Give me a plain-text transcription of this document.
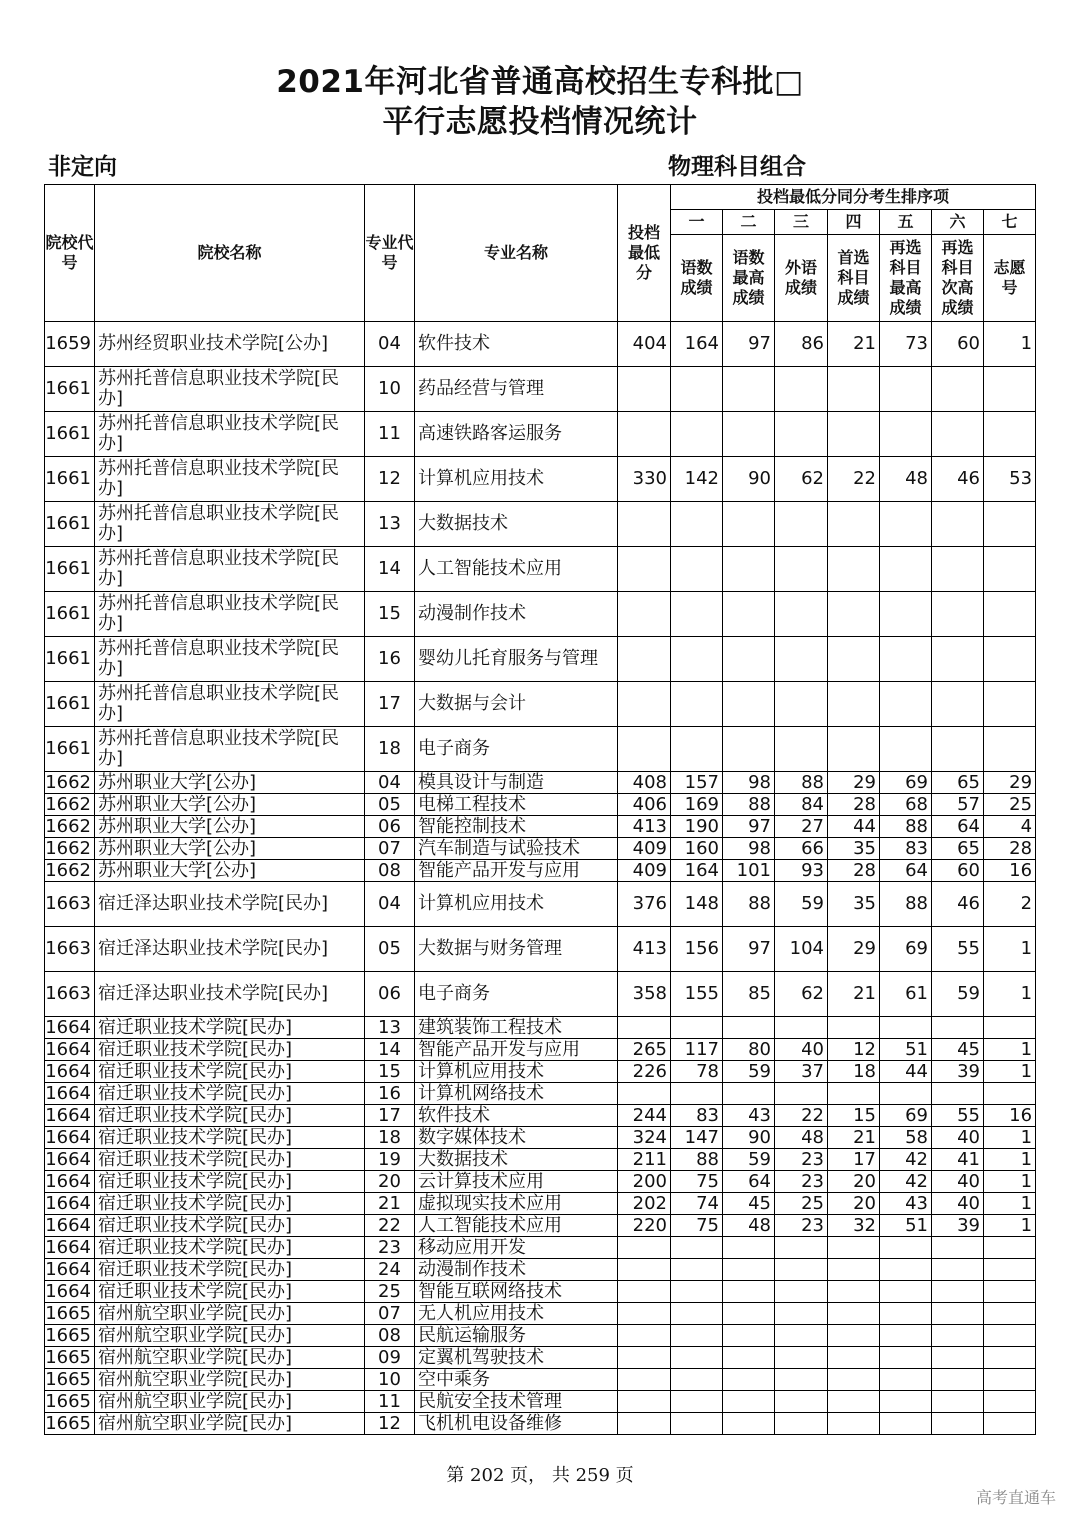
2021年河北省普通高校招生专科批□
平行志愿投档情况统计
非定向	物理科目组合
院校代号	院校名称	专业代号	专业名称	投档最低分	投档最低分同分考生排序项						
					一	二	三	四	五	六	七
					语数成绩	语数最高成绩	外语成绩	首选科目成绩	再选科目最高成绩	再选科目次高成绩	志愿号
1659	苏州经贸职业技术学院[公办]	04	软件技术	404	164	97	86	21	73	60	1
1661	苏州托普信息职业技术学院[民办]	10	药品经营与管理								
1661	苏州托普信息职业技术学院[民办]	11	高速铁路客运服务								
1661	苏州托普信息职业技术学院[民办]	12	计算机应用技术	330	142	90	62	22	48	46	53
1661	苏州托普信息职业技术学院[民办]	13	大数据技术								
1661	苏州托普信息职业技术学院[民办]	14	人工智能技术应用								
1661	苏州托普信息职业技术学院[民办]	15	动漫制作技术								
1661	苏州托普信息职业技术学院[民办]	16	婴幼儿托育服务与管理								
1661	苏州托普信息职业技术学院[民办]	17	大数据与会计								
1661	苏州托普信息职业技术学院[民办]	18	电子商务								
1662	苏州职业大学[公办]	04	模具设计与制造	408	157	98	88	29	69	65	29
1662	苏州职业大学[公办]	05	电梯工程技术	406	169	88	84	28	68	57	25
1662	苏州职业大学[公办]	06	智能控制技术	413	190	97	27	44	88	64	4
1662	苏州职业大学[公办]	07	汽车制造与试验技术	409	160	98	66	35	83	65	28
1662	苏州职业大学[公办]	08	智能产品开发与应用	409	164	101	93	28	64	60	16
1663	宿迁泽达职业技术学院[民办]	04	计算机应用技术	376	148	88	59	35	88	46	2
1663	宿迁泽达职业技术学院[民办]	05	大数据与财务管理	413	156	97	104	29	69	55	1
1663	宿迁泽达职业技术学院[民办]	06	电子商务	358	155	85	62	21	61	59	1
1664	宿迁职业技术学院[民办]	13	建筑装饰工程技术								
1664	宿迁职业技术学院[民办]	14	智能产品开发与应用	265	117	80	40	12	51	45	1
1664	宿迁职业技术学院[民办]	15	计算机应用技术	226	78	59	37	18	44	39	1
1664	宿迁职业技术学院[民办]	16	计算机网络技术								
1664	宿迁职业技术学院[民办]	17	软件技术	244	83	43	22	15	69	55	16
1664	宿迁职业技术学院[民办]	18	数字媒体技术	324	147	90	48	21	58	40	1
1664	宿迁职业技术学院[民办]	19	大数据技术	211	88	59	23	17	42	41	1
1664	宿迁职业技术学院[民办]	20	云计算技术应用	200	75	64	23	20	42	40	1
1664	宿迁职业技术学院[民办]	21	虚拟现实技术应用	202	74	45	25	20	43	40	1
1664	宿迁职业技术学院[民办]	22	人工智能技术应用	220	75	48	23	32	51	39	1
1664	宿迁职业技术学院[民办]	23	移动应用开发								
1664	宿迁职业技术学院[民办]	24	动漫制作技术								
1664	宿迁职业技术学院[民办]	25	智能互联网络技术								
1665	宿州航空职业学院[民办]	07	无人机应用技术								
1665	宿州航空职业学院[民办]	08	民航运输服务								
1665	宿州航空职业学院[民办]	09	定翼机驾驶技术								
1665	宿州航空职业学院[民办]	10	空中乘务								
1665	宿州航空职业学院[民办]	11	民航安全技术管理								
1665	宿州航空职业学院[民办]	12	飞机机电设备维修								
第 202 页， 共 259 页
高考直通车
